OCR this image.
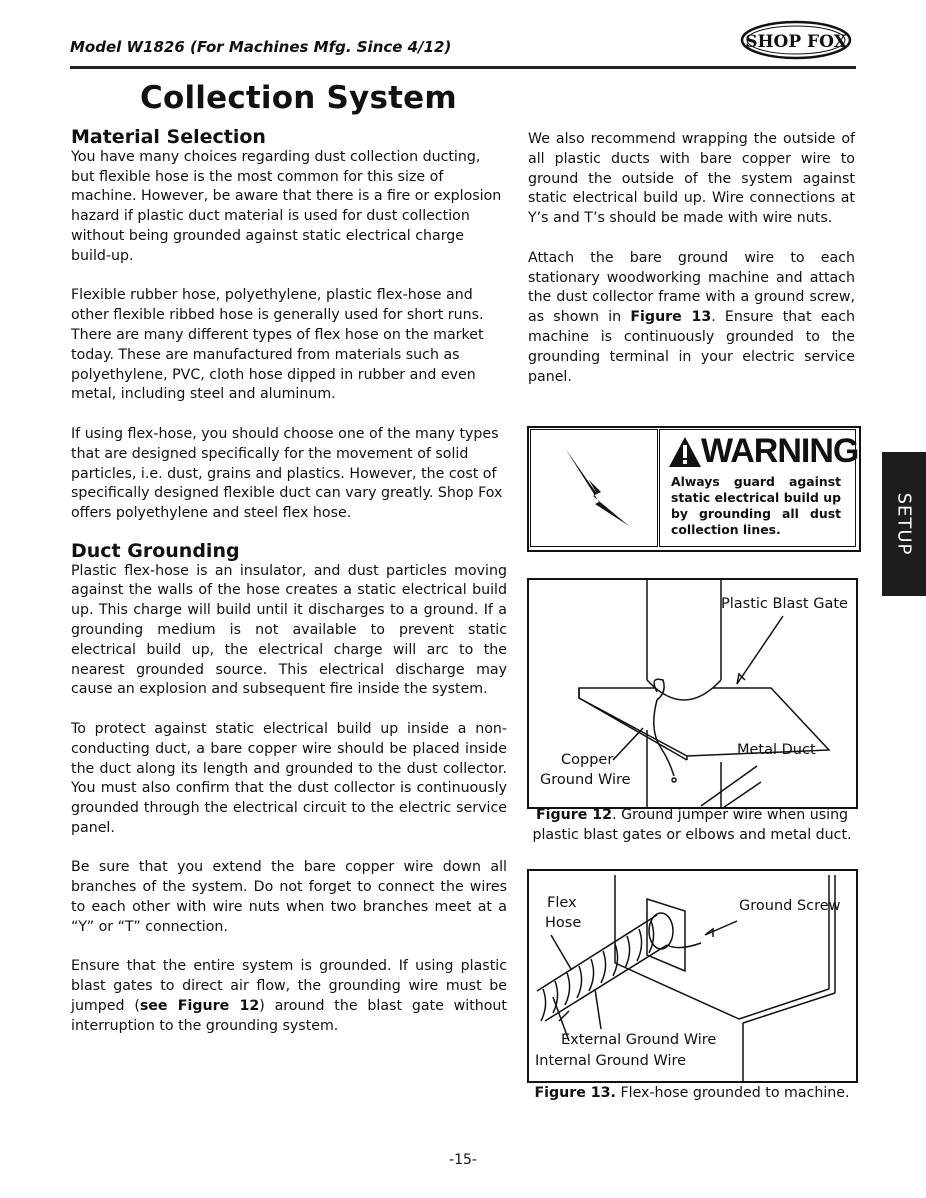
Model W1826 (For Machines Mfg. Since 4/12)	SHOP FOX
Collection System
Material Selection

You have many choices regarding dust collection ducting, but flexible hose is the most common for this size of machine. However, be aware that there is a fire or explosion hazard if plastic duct material is used for dust collection without being grounded against static electrical charge build-up.

Flexible rubber hose, polyethylene, plastic flex-hose and other flexible ribbed hose is generally used for short runs. There are many different types of flex hose on the market today. These are manufactured from materials such as polyethylene, PVC, cloth hose dipped in rubber and even metal, including steel and aluminum.

If using flex-hose, you should choose one of the many types that are designed specifically for the movement of solid particles, i.e. dust, grains and plastics. However, the cost of specifically designed flexible duct can vary greatly. Shop Fox offers polyethylene and steel flex hose.

Duct Grounding

Plastic flex-hose is an insulator, and dust particles moving against the walls of the hose creates a static electrical build up. This charge will build until it discharges to a ground. If a grounding medium is not available to prevent static electrical build up, the electrical charge will arc to the nearest grounded source. This electrical discharge may cause an explosion and subsequent fire inside the system.

To protect against static electrical build up inside a non-conducting duct, a bare copper wire should be placed inside the duct along its length and grounded to the dust collector. You must also confirm that the dust collector is continuously grounded through the electrical circuit to the electric service panel.

Be sure that you extend the bare copper wire down all branches of the system. Do not forget to connect the wires to each other with wire nuts when two branches meet at a “Y” or “T” connection.

Ensure that the entire system is grounded. If using plastic blast gates to direct air flow, the grounding wire must be jumped (see Figure 12) around the blast gate without interruption to the grounding system.

We also recommend wrapping the outside of all plastic ducts with bare copper wire to ground the outside of the system against static electrical build up. Wire connections at Y’s and T’s should be made with wire nuts.

Attach the bare ground wire to each stationary woodworking machine and attach the dust collector frame with a ground screw, as shown in Figure 13. Ensure that each machine is continuously grounded to the grounding terminal in your electric service panel.

SETUP
WARNING
Always guard against static electrical build up by grounding all dust collection lines.
Plastic Blast Gate
Copper
Ground Wire
Metal Duct
Figure 12. Ground jumper wire when using plastic blast gates or elbows and metal duct.
Flex
Hose
Ground Screw
External Ground Wire
Internal Ground Wire
Figure 13. Flex-hose grounded to machine.
-15-
